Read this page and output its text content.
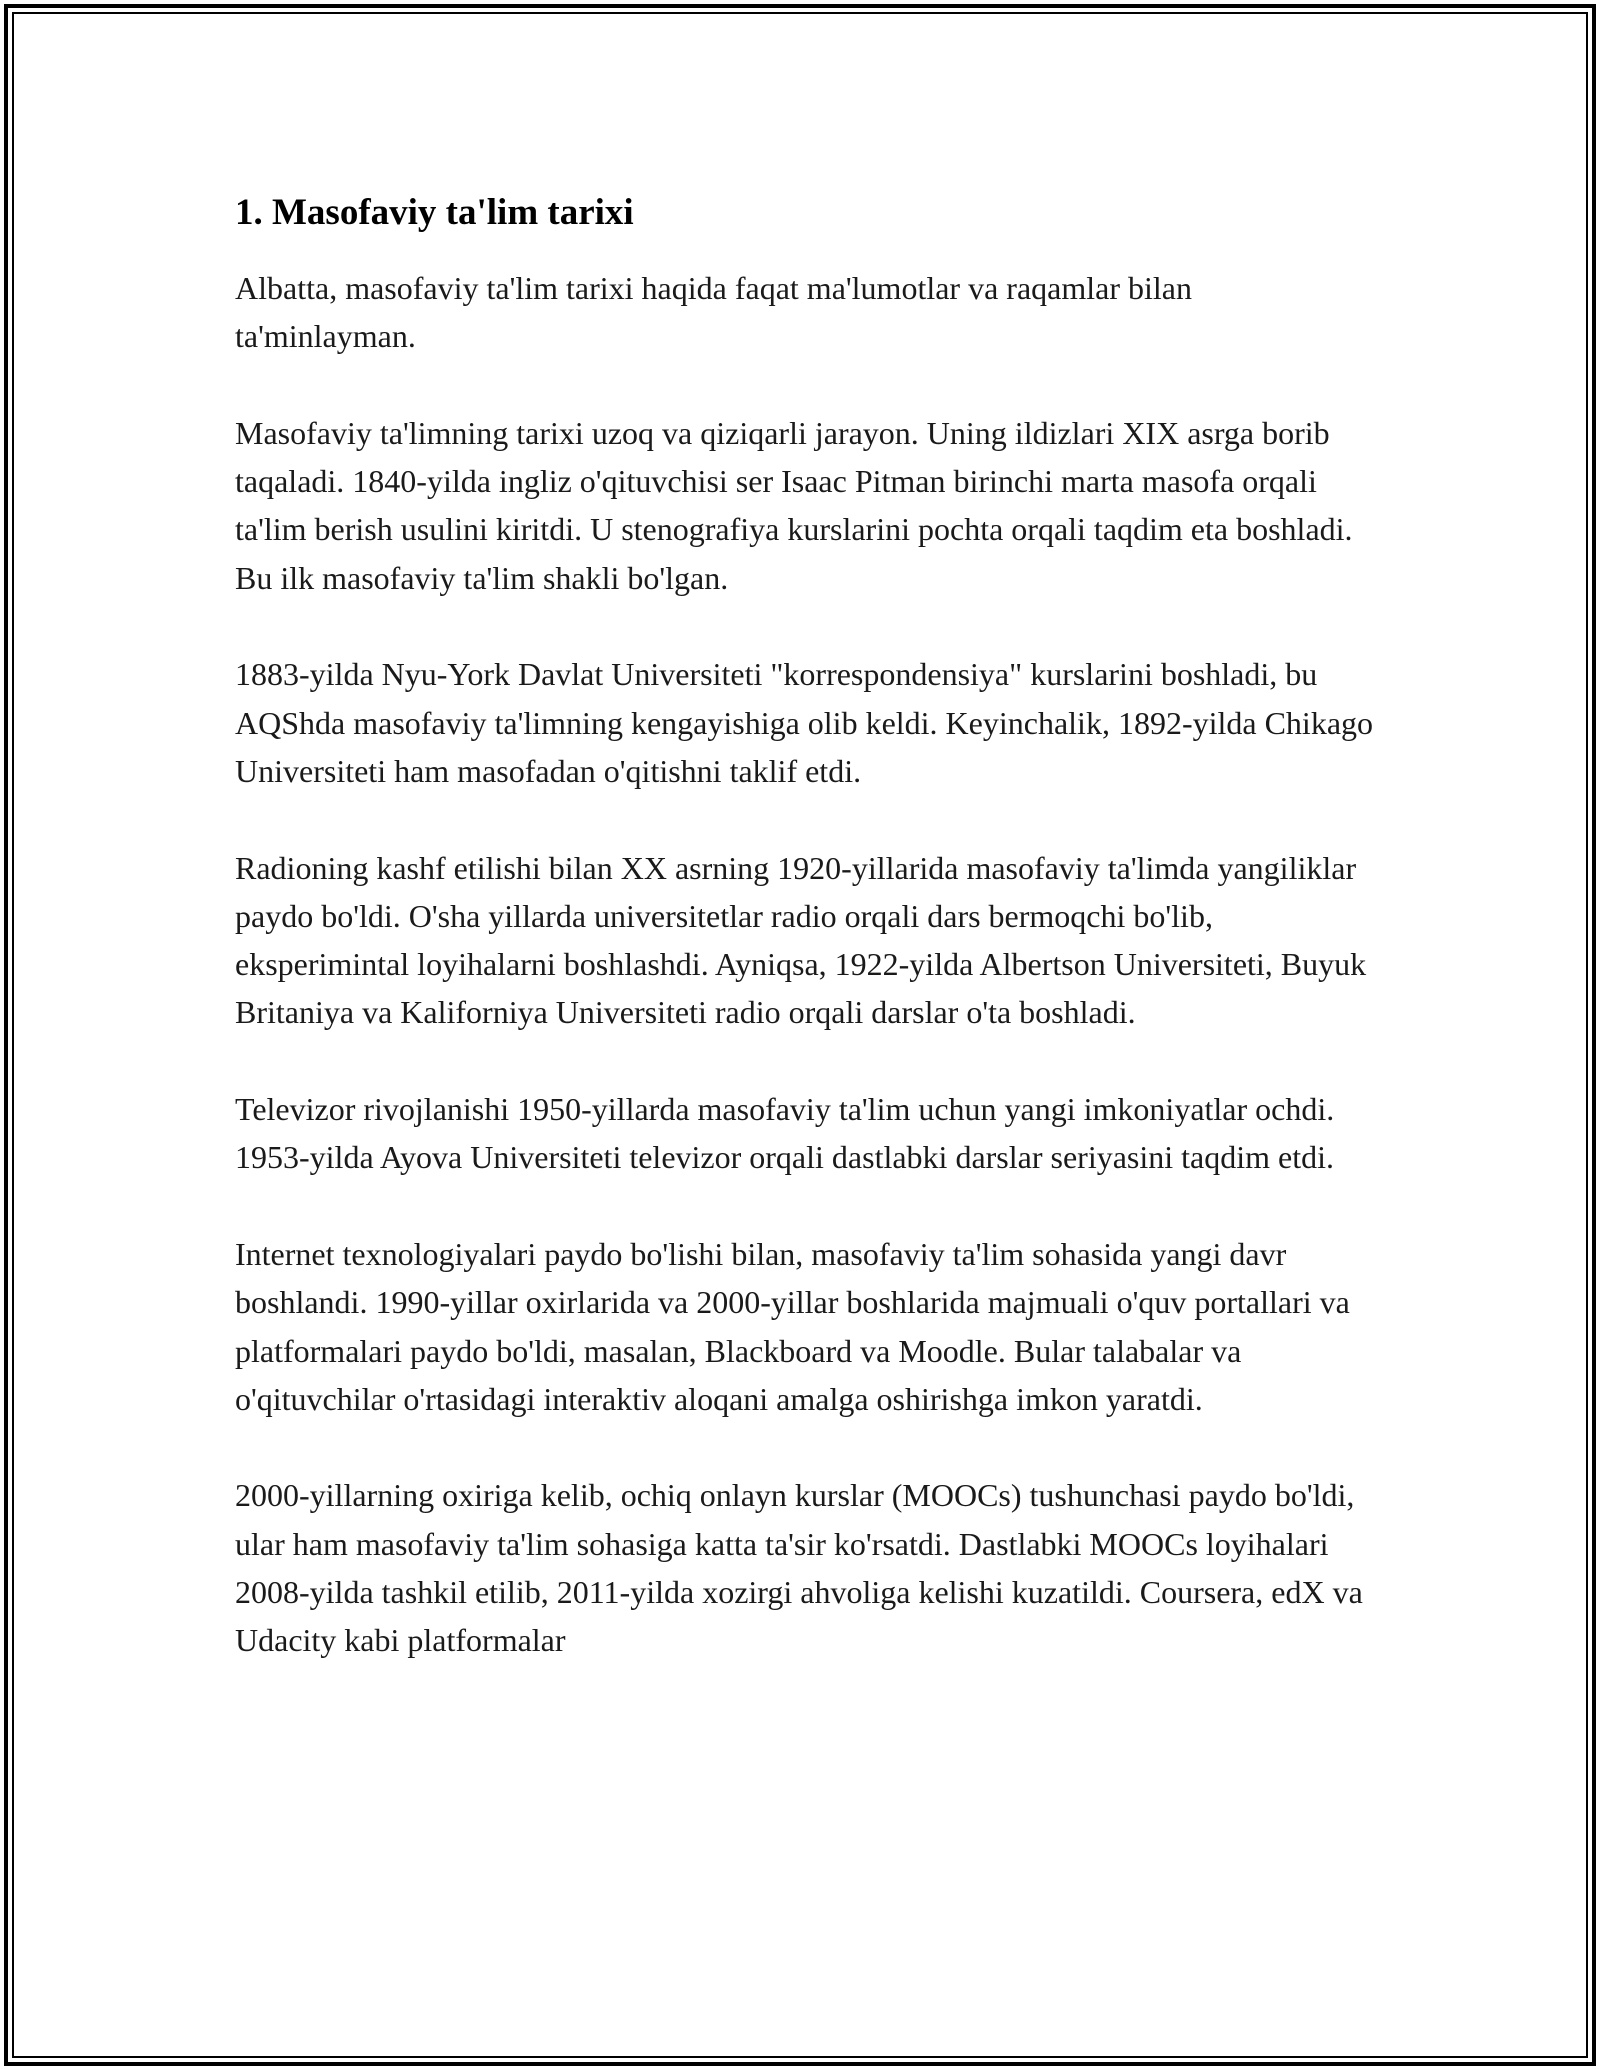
1. Masofaviy ta'lim tarixi

Albatta, masofaviy ta'lim tarixi haqida faqat ma'lumotlar va raqamlar bilan ta'minlayman.

Masofaviy ta'limning tarixi uzoq va qiziqarli jarayon. Uning ildizlari XIX asrga borib taqaladi. 1840-yilda ingliz o'qituvchisi ser Isaac Pitman birinchi marta masofa orqali ta'lim berish usulini kiritdi. U stenografiya kurslarini pochta orqali taqdim eta boshladi. Bu ilk masofaviy ta'lim shakli bo'lgan.

1883-yilda Nyu-York Davlat Universiteti "korrespondensiya" kurslarini boshladi, bu AQShda masofaviy ta'limning kengayishiga olib keldi. Keyinchalik, 1892-yilda Chikago Universiteti ham masofadan o'qitishni taklif etdi.

Radioning kashf etilishi bilan XX asrning 1920-yillarida masofaviy ta'limda yangiliklar paydo bo'ldi. O'sha yillarda universitetlar radio orqali dars bermoqchi bo'lib, eksperimintal loyihalarni boshlashdi. Ayniqsa, 1922-yilda Albertson Universiteti, Buyuk Britaniya va Kaliforniya Universiteti radio orqali darslar o'ta boshladi.

Televizor rivojlanishi 1950-yillarda masofaviy ta'lim uchun yangi imkoniyatlar ochdi. 1953-yilda Ayova Universiteti televizor orqali dastlabki darslar seriyasini taqdim etdi.

Internet texnologiyalari paydo bo'lishi bilan, masofaviy ta'lim sohasida yangi davr boshlandi. 1990-yillar oxirlarida va 2000-yillar boshlarida majmuali o'quv portallari va platformalari paydo bo'ldi, masalan, Blackboard va Moodle. Bular talabalar va o'qituvchilar o'rtasidagi interaktiv aloqani amalga oshirishga imkon yaratdi.

2000-yillarning oxiriga kelib, ochiq onlayn kurslar (MOOCs) tushunchasi paydo bo'ldi, ular ham masofaviy ta'lim sohasiga katta ta'sir ko'rsatdi. Dastlabki MOOCs loyihalari 2008-yilda tashkil etilib, 2011-yilda xozirgi ahvoliga kelishi kuzatildi. Coursera, edX va Udacity kabi platformalar
